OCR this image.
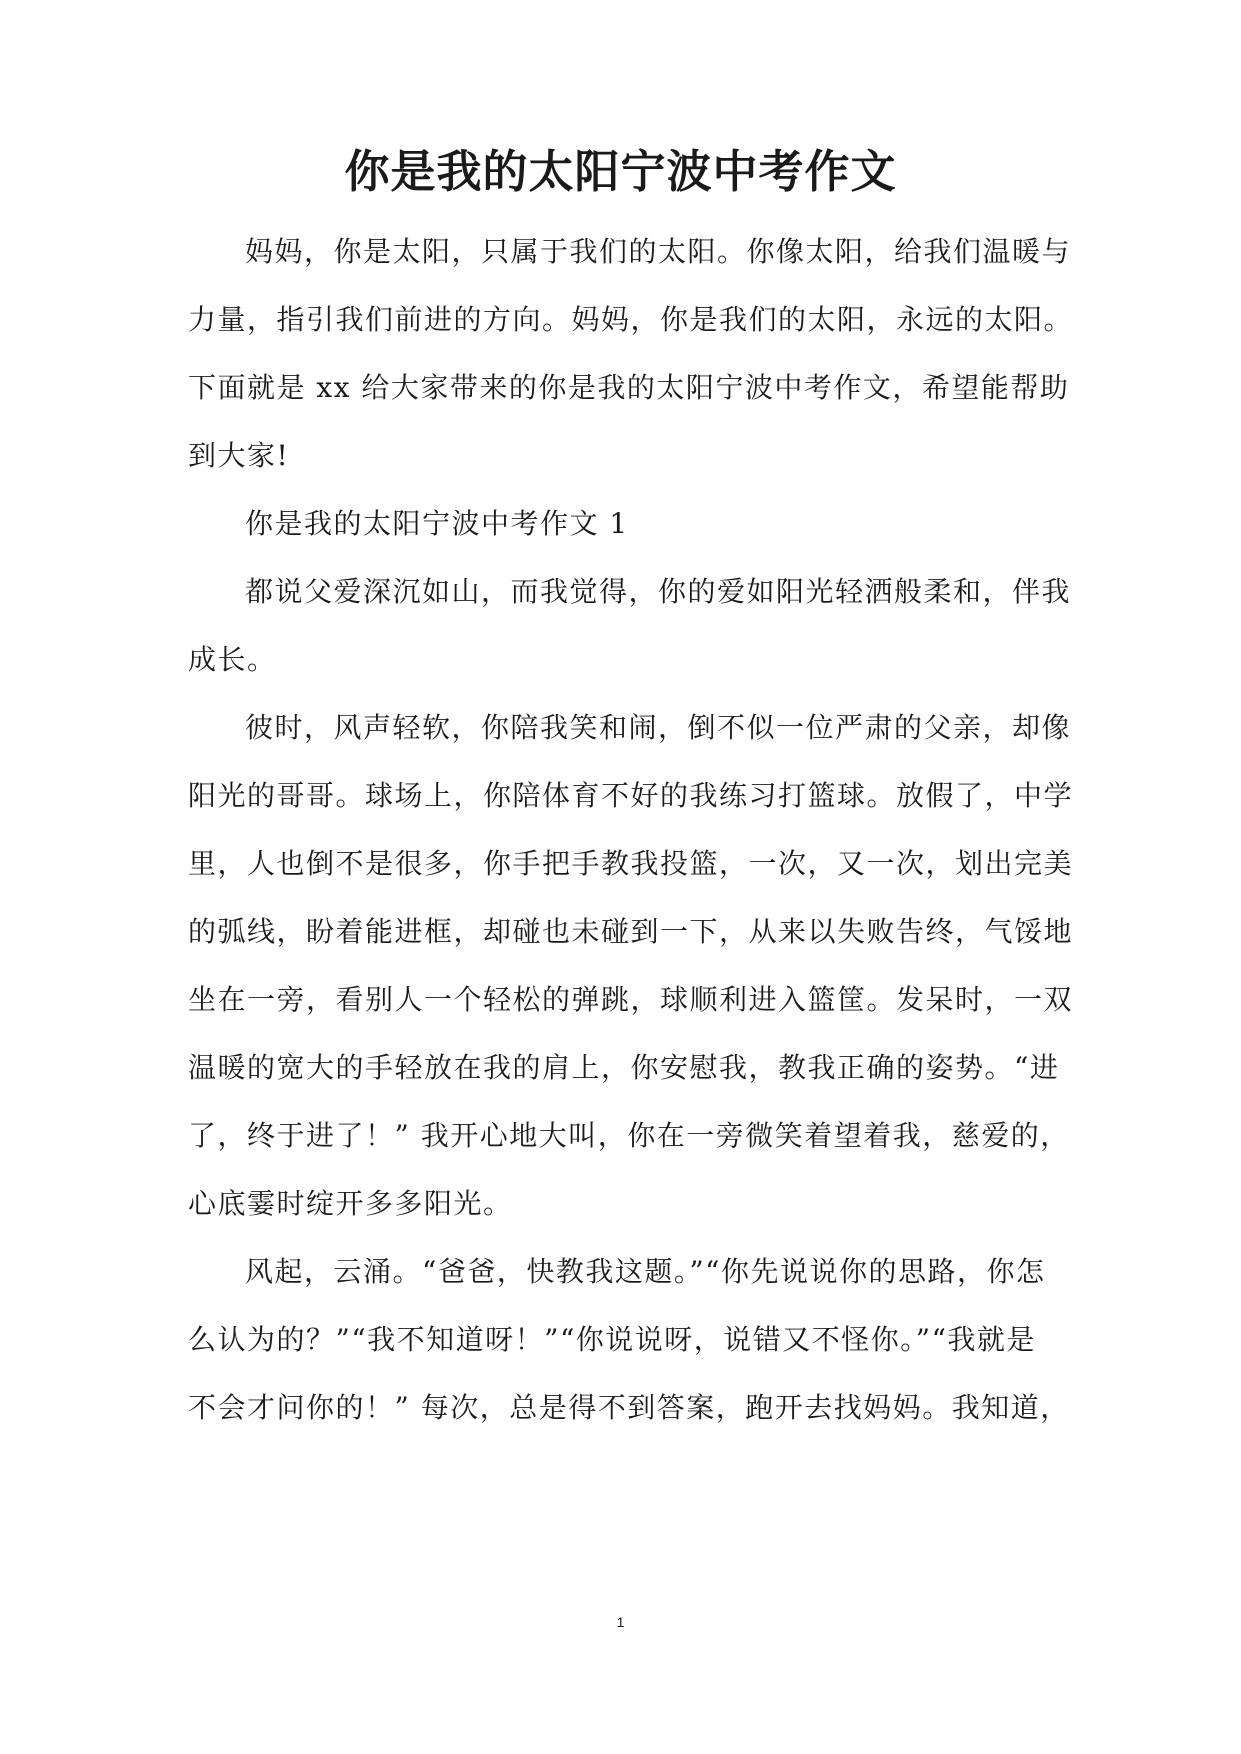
你是我的太阳宁波中考作文
妈妈，你是太阳，只属于我们的太阳。你像太阳，给我们温暖与
力量，指引我们前进的方向。妈妈，你是我们的太阳，永远的太阳。
下面就是 xx 给大家带来的你是我的太阳宁波中考作文，希望能帮助
到大家!
你是我的太阳宁波中考作文 1
都说父爱深沉如山，而我觉得，你的爱如阳光轻洒般柔和，伴我
成长。
彼时，风声轻软，你陪我笑和闹，倒不似一位严肃的父亲，却像
阳光的哥哥。球场上，你陪体育不好的我练习打篮球。放假了，中学
里，人也倒不是很多，你手把手教我投篮，一次，又一次，划出完美
的弧线，盼着能进框，却碰也未碰到一下，从来以失败告终，气馁地
坐在一旁，看别人一个轻松的弹跳，球顺利进入篮筐。发呆时，一双
温暖的宽大的手轻放在我的肩上，你安慰我，教我正确的姿势。“进
了，终于进了！” 我开心地大叫，你在一旁微笑着望着我，慈爱的，
心底霎时绽开多多阳光。
风起，云涌。“爸爸，快教我这题。”“你先说说你的思路，你怎
么认为的？”“我不知道呀！”“你说说呀，说错又不怪你。”“我就是
不会才问你的！” 每次，总是得不到答案，跑开去找妈妈。我知道，
1
